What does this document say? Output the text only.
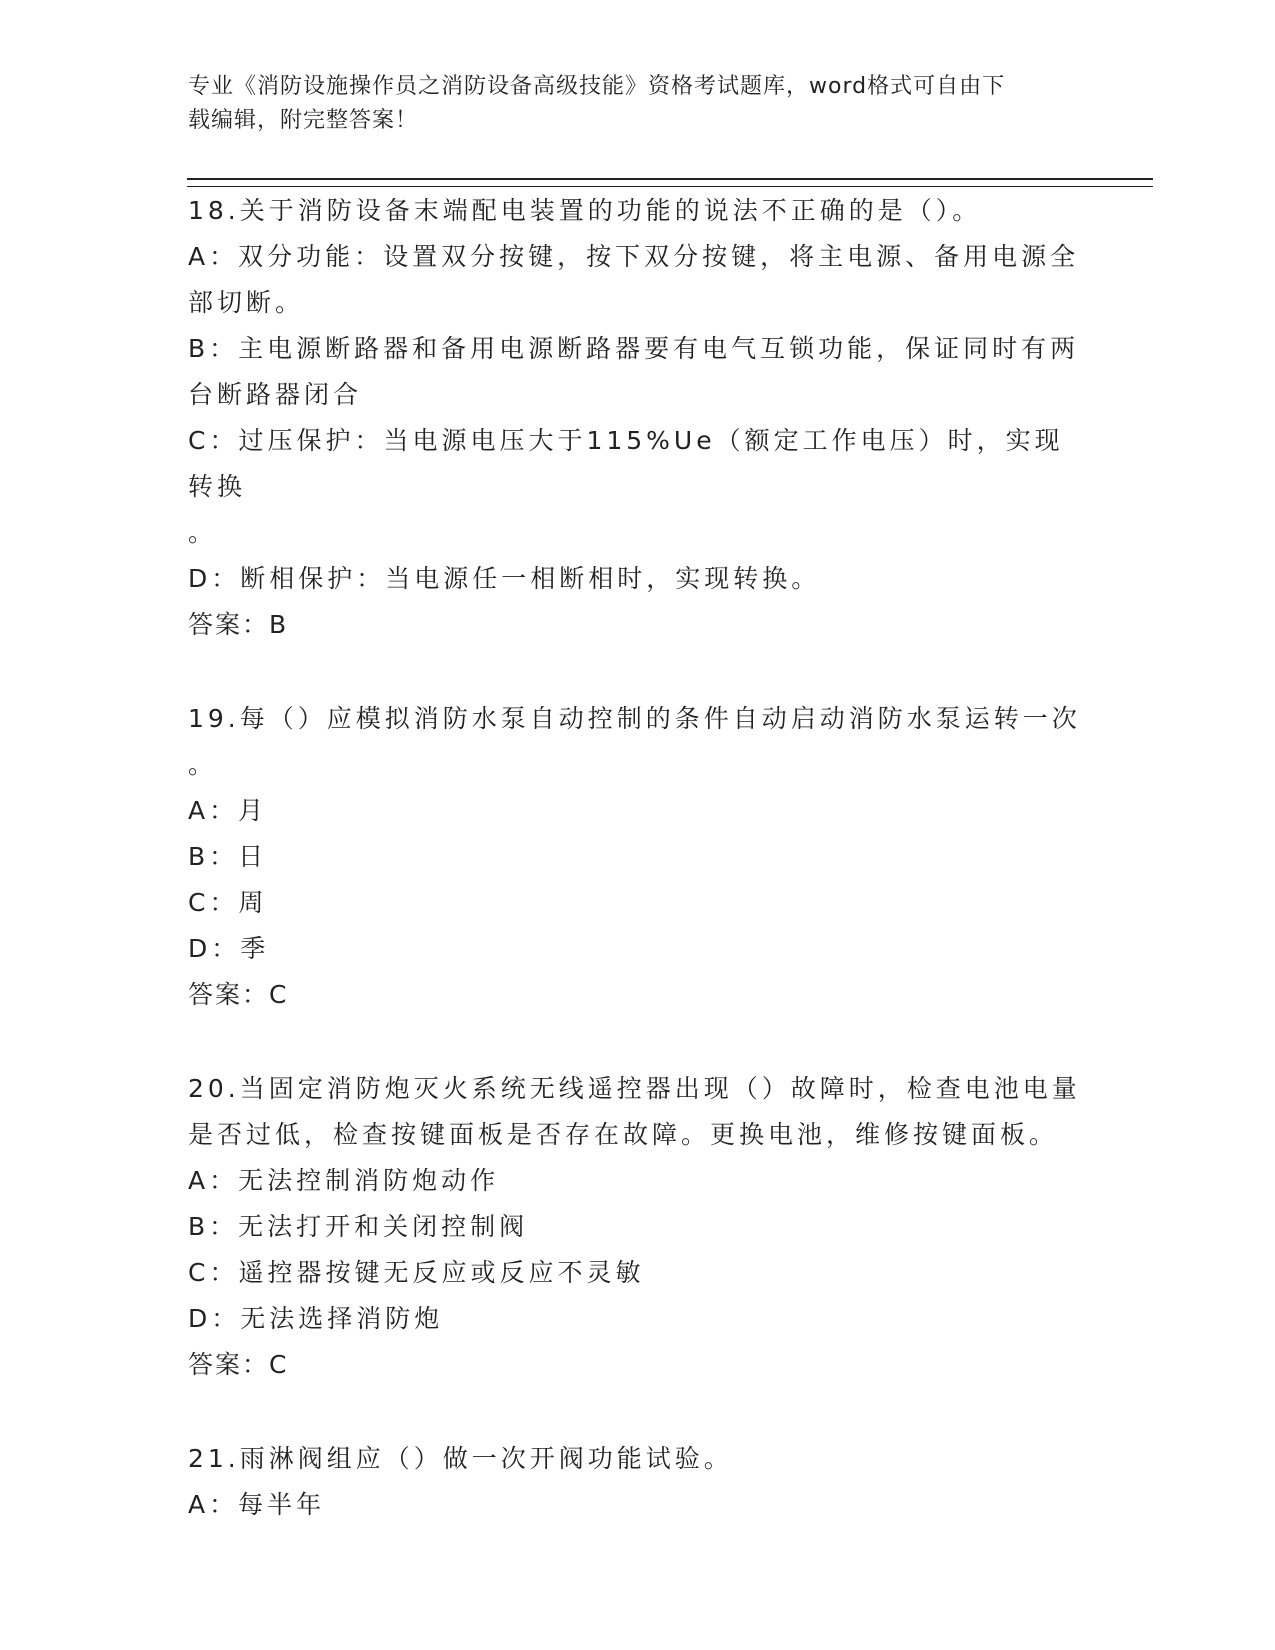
专业《消防设施操作员之消防设备高级技能》资格考试题库，word格式可自由下
载编辑，附完整答案！
18.关于消防设备末端配电装置的功能的说法不正确的是（）。
A：双分功能：设置双分按键，按下双分按键，将主电源、备用电源全
部切断。
B：主电源断路器和备用电源断路器要有电气互锁功能，保证同时有两
台断路器闭合
C：过压保护：当电源电压大于115%Ue（额定工作电压）时，实现转换
。
D：断相保护：当电源任一相断相时，实现转换。
答案：B
19.每（）应模拟消防水泵自动控制的条件自动启动消防水泵运转一次
。
A：月
B：日
C：周
D：季
答案：C
20.当固定消防炮灭火系统无线遥控器出现（）故障时，检查电池电量
是否过低，检查按键面板是否存在故障。更换电池，维修按键面板。
A：无法控制消防炮动作
B：无法打开和关闭控制阀
C：遥控器按键无反应或反应不灵敏
D：无法选择消防炮
答案：C
21.雨淋阀组应（）做一次开阀功能试验。
A：每半年
